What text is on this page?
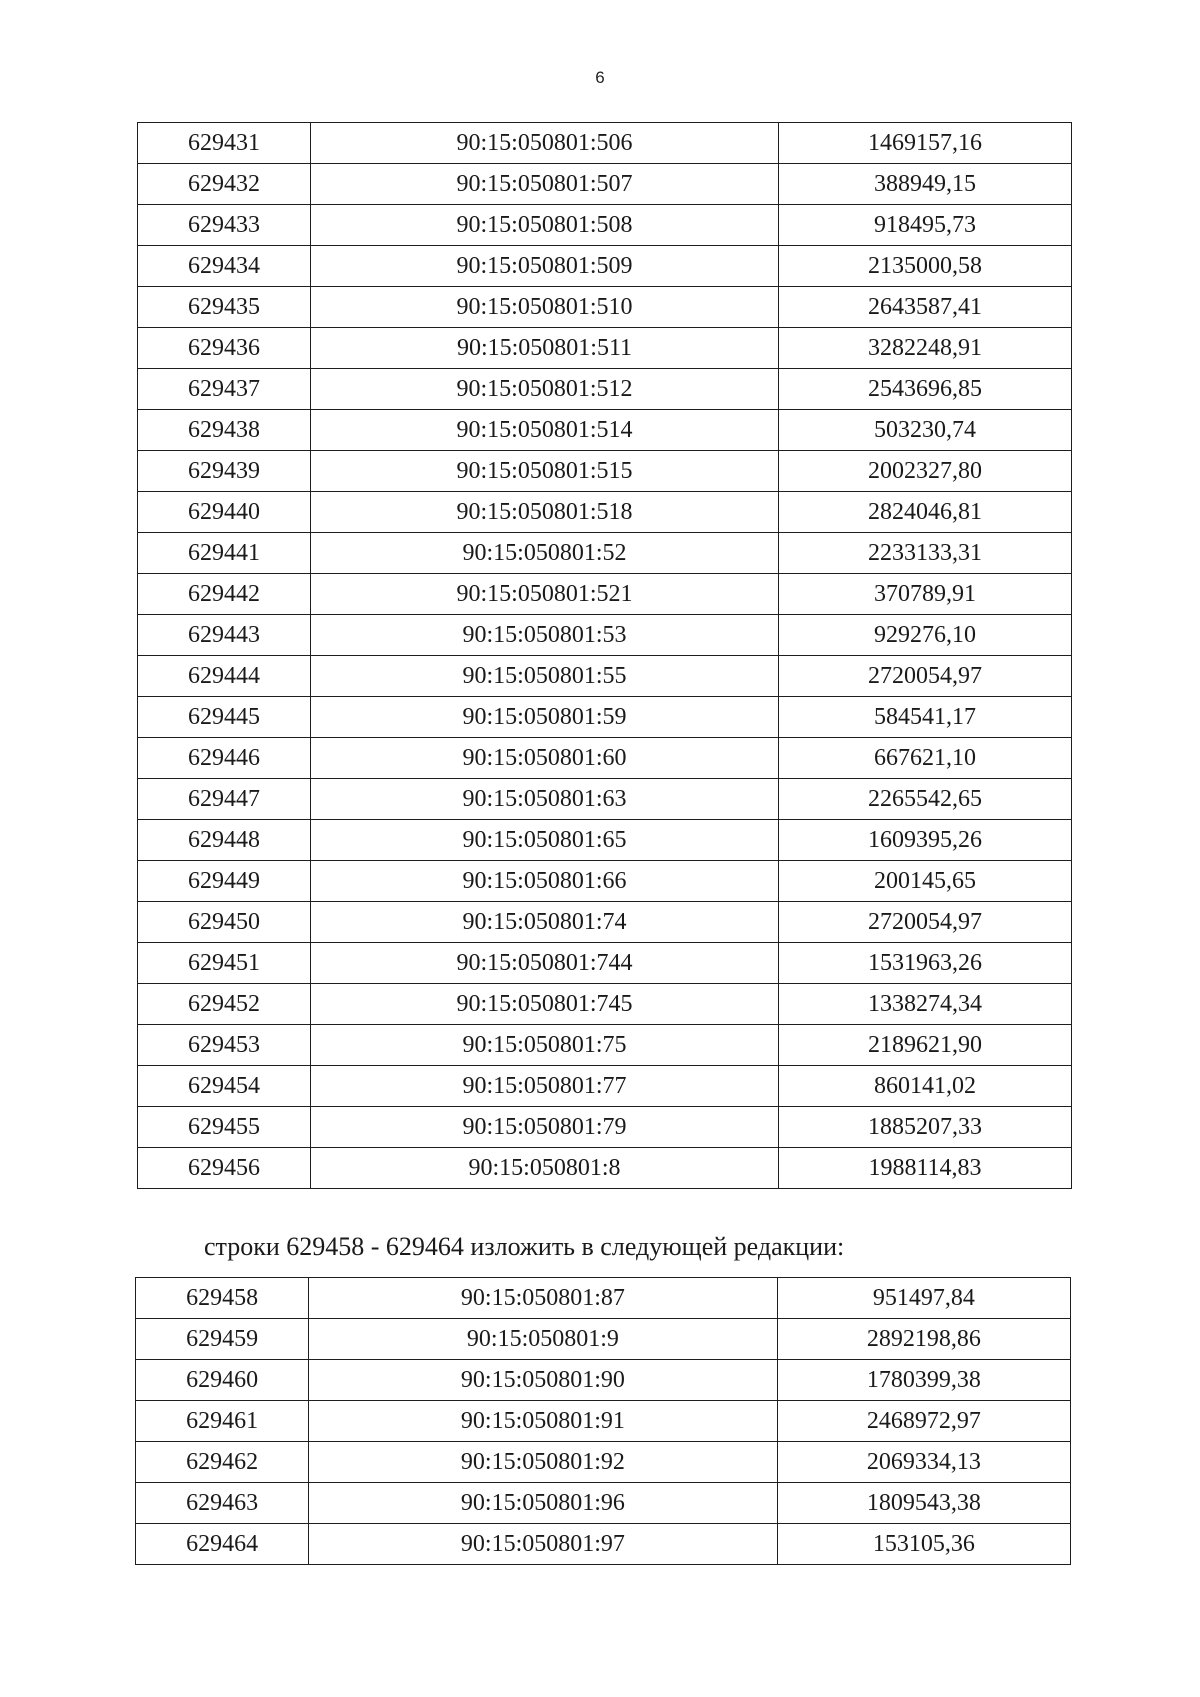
6
629431	90:15:050801:506	1469157,16
629432	90:15:050801:507	388949,15
629433	90:15:050801:508	918495,73
629434	90:15:050801:509	2135000,58
629435	90:15:050801:510	2643587,41
629436	90:15:050801:511	3282248,91
629437	90:15:050801:512	2543696,85
629438	90:15:050801:514	503230,74
629439	90:15:050801:515	2002327,80
629440	90:15:050801:518	2824046,81
629441	90:15:050801:52	2233133,31
629442	90:15:050801:521	370789,91
629443	90:15:050801:53	929276,10
629444	90:15:050801:55	2720054,97
629445	90:15:050801:59	584541,17
629446	90:15:050801:60	667621,10
629447	90:15:050801:63	2265542,65
629448	90:15:050801:65	1609395,26
629449	90:15:050801:66	200145,65
629450	90:15:050801:74	2720054,97
629451	90:15:050801:744	1531963,26
629452	90:15:050801:745	1338274,34
629453	90:15:050801:75	2189621,90
629454	90:15:050801:77	860141,02
629455	90:15:050801:79	1885207,33
629456	90:15:050801:8	1988114,83
строки 629458 - 629464 изложить в следующей редакции:
629458	90:15:050801:87	951497,84
629459	90:15:050801:9	2892198,86
629460	90:15:050801:90	1780399,38
629461	90:15:050801:91	2468972,97
629462	90:15:050801:92	2069334,13
629463	90:15:050801:96	1809543,38
629464	90:15:050801:97	153105,36
